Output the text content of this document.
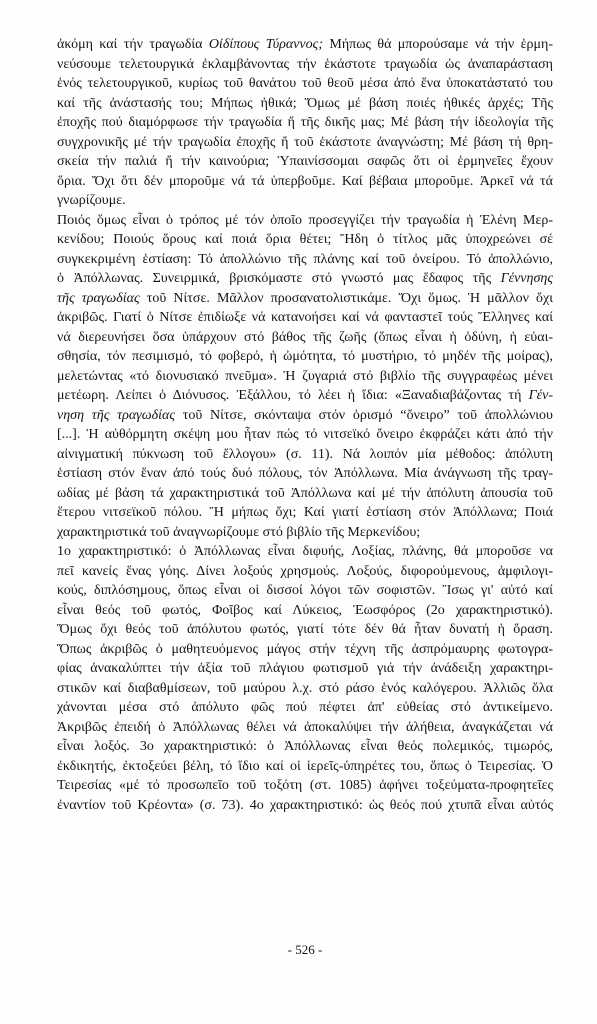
ἀκόμη καί τήν τραγωδία Οἰδίπους Τύραννος; Μήπως θά μπορούσαμε νά τήν ἑρμη-
νεύσουμε τελετουργικά ἐκλαμβάνοντας τήν ἑκάστοτε τραγωδία ὡς ἀναπαράσταση
ἑνός τελετουργικοῦ, κυρίως τοῦ θανάτου τοῦ θεοῦ μέσα ἀπό ἕνα ὑποκατάστατό του
καί τῆς ἀνάστασής του; Μήπως ἠθικά; Ὅμως μέ βάση ποιές ἠθικές ἀρχές; Τῆς
ἐποχῆς πού διαμόρφωσε τήν τραγωδία ἤ τῆς δικῆς μας; Μέ βάση τήν ἰδεολογία τῆς
συγχρονικῆς μέ τήν τραγωδία ἐποχῆς ἤ τοῦ ἑκάστοτε ἀναγνώστη; Μέ βάση τή θρη-
σκεία τήν παλιά ἤ τήν καινούρια; Ὑπαινίσσομαι σαφῶς ὅτι οἱ ἑρμηνεῖες ἔχουν
ὅρια. Ὄχι ὅτι δέν μποροῦμε νά τά ὑπερβοῦμε. Καί βέβαια μποροῦμε. Ἀρκεῖ νά τά
γνωρίζουμε.
Ποιός ὅμως εἶναι ὁ τρόπος μέ τόν ὁποῖο προσεγγίζει τήν τραγωδία ἡ Ἑλένη Μερ-
κενίδου; Ποιούς ὅρους καί ποιά ὅρια θέτει; Ἤδη ὁ τίτλος μᾶς ὑποχρεώνει σέ
συγκεκριμένη ἑστίαση: Τό ἀπολλώνιο τῆς πλάνης καί τοῦ ὀνείρου. Τό ἀπολλώνιο,
ὁ Ἀπόλλωνας. Συνειρμικά, βρισκόμαστε στό γνωστό μας ἔδαφος τῆς Γέννησης
τῆς τραγωδίας τοῦ Νίτσε. Μᾶλλον προσανατολιστικάμε. Ὄχι ὅμως. Ἡ μᾶλλον ὄχι
ἀκριβῶς. Γιατί ὁ Νίτσε ἐπιδίωξε νά κατανοήσει καί νά φανταστεῖ τούς Ἕλληνες καί
νά διερευνήσει ὅσα ὑπάρχουν στό βάθος τῆς ζωῆς (ὅπως εἶναι ἡ ὀδύνη, ἡ εὐαι-
σθησία, τόν πεσιμισμό, τό φοβερό, ἡ ὠμότητα, τό μυστήριο, τό μηδέν τῆς μοίρας),
μελετώντας «τό διονυσιακό πνεῦμα». Ἡ ζυγαριά στό βιβλίο τῆς συγγραφέως μένει
μετέωρη. Λείπει ὁ Διόνυσος. Ἐξάλλου, τό λέει ἡ ἴδια: «Ξαναδιαβάζοντας τή Γέν-
νηση τῆς τραγωδίας τοῦ Νίτσε, σκόνταψα στόν ὁρισμό “ὄνειρο” τοῦ ἀπολλώνιου
[...]. Ἡ αὐθόρμητη σκέψη μου ἦταν πώς τό νιτσεϊκό ὄνειρο ἐκφράζει κάτι ἀπό τήν
αἰνιγματική πύκνωση τοῦ ἔλλογου» (σ. 11). Νά λοιπόν μία μέθοδος: ἀπόλυτη
ἑστίαση στόν ἕναν ἀπό τούς δυό πόλους, τόν Ἀπόλλωνα. Μία ἀνάγνωση τῆς τραγ-
ωδίας μέ βάση τά χαρακτηριστικά τοῦ Ἀπόλλωνα καί μέ τήν ἀπόλυτη ἀπουσία τοῦ
ἕτερου νιτσεϊκοῦ πόλου. Ἤ μήπως ὄχι; Καί γιατί ἑστίαση στόν Ἀπόλλωνα; Ποιά
χαρακτηριστικά τοῦ ἀναγνωρίζουμε στό βιβλίο τῆς Μερκενίδου;
1ο χαρακτηριστικό: ὁ Ἀπόλλωνας εἶναι διφυής, Λοξίας, πλάνης, θά μποροῦσε να
πεῖ κανείς ἕνας γόης. Δίνει λοξούς χρησμούς. Λοξούς, διφορούμενους, ἀμφιλογι-
κούς, διπλόσημους, ὅπως εἶναι οἱ δισσοί λόγοι τῶν σοφιστῶν. Ἴσως γι' αὐτό καί
εἶναι θεός τοῦ φωτός, Φοῖβος καί Λύκειος, Ἑωσφόρος (2ο χαρακτηριστικό).
Ὅμως ὄχι θεός τοῦ ἀπόλυτου φωτός, γιατί τότε δέν θά ἦταν δυνατή ἡ ὅραση.
Ὅπως ἀκριβῶς ὁ μαθητευόμενος μάγος στήν τέχνη τῆς ἀσπρόμαυρης φωτογρα-
φίας ἀνακαλύπτει τήν ἀξία τοῦ πλάγιου φωτισμοῦ γιά τήν ἀνάδειξη χαρακτηρι-
στικῶν καί διαβαθμίσεων, τοῦ μαύρου λ.χ. στό ράσο ἑνός καλόγερου. Ἀλλιῶς ὅλα
χάνονται μέσα στό ἀπόλυτο φῶς πού πέφτει ἀπ' εὐθείας στό ἀντικείμενο.
Ἀκριβῶς ἐπειδή ὁ Ἀπόλλωνας θέλει νά ἀποκαλύψει τήν ἀλήθεια, ἀναγκάζεται νά
εἶναι λοξός. 3ο χαρακτηριστικό: ὁ Ἀπόλλωνας εἶναι θεός πολεμικός, τιμωρός,
ἐκδικητής, ἐκτοξεύει βέλη, τό ἴδιο καί οἱ ἱερεῖς-ὑπηρέτες του, ὅπως ὁ Τειρεσίας. Ὁ
Τειρεσίας «μέ τό προσωπεῖο τοῦ τοξότη (στ. 1085) ἀφήνει τοξεύματα-προφητεῖες
ἐναντίον τοῦ Κρέοντα» (σ. 73). 4ο χαρακτηριστικό: ὡς θεός πού χτυπᾶ εἶναι αὐτός
- 526 -
